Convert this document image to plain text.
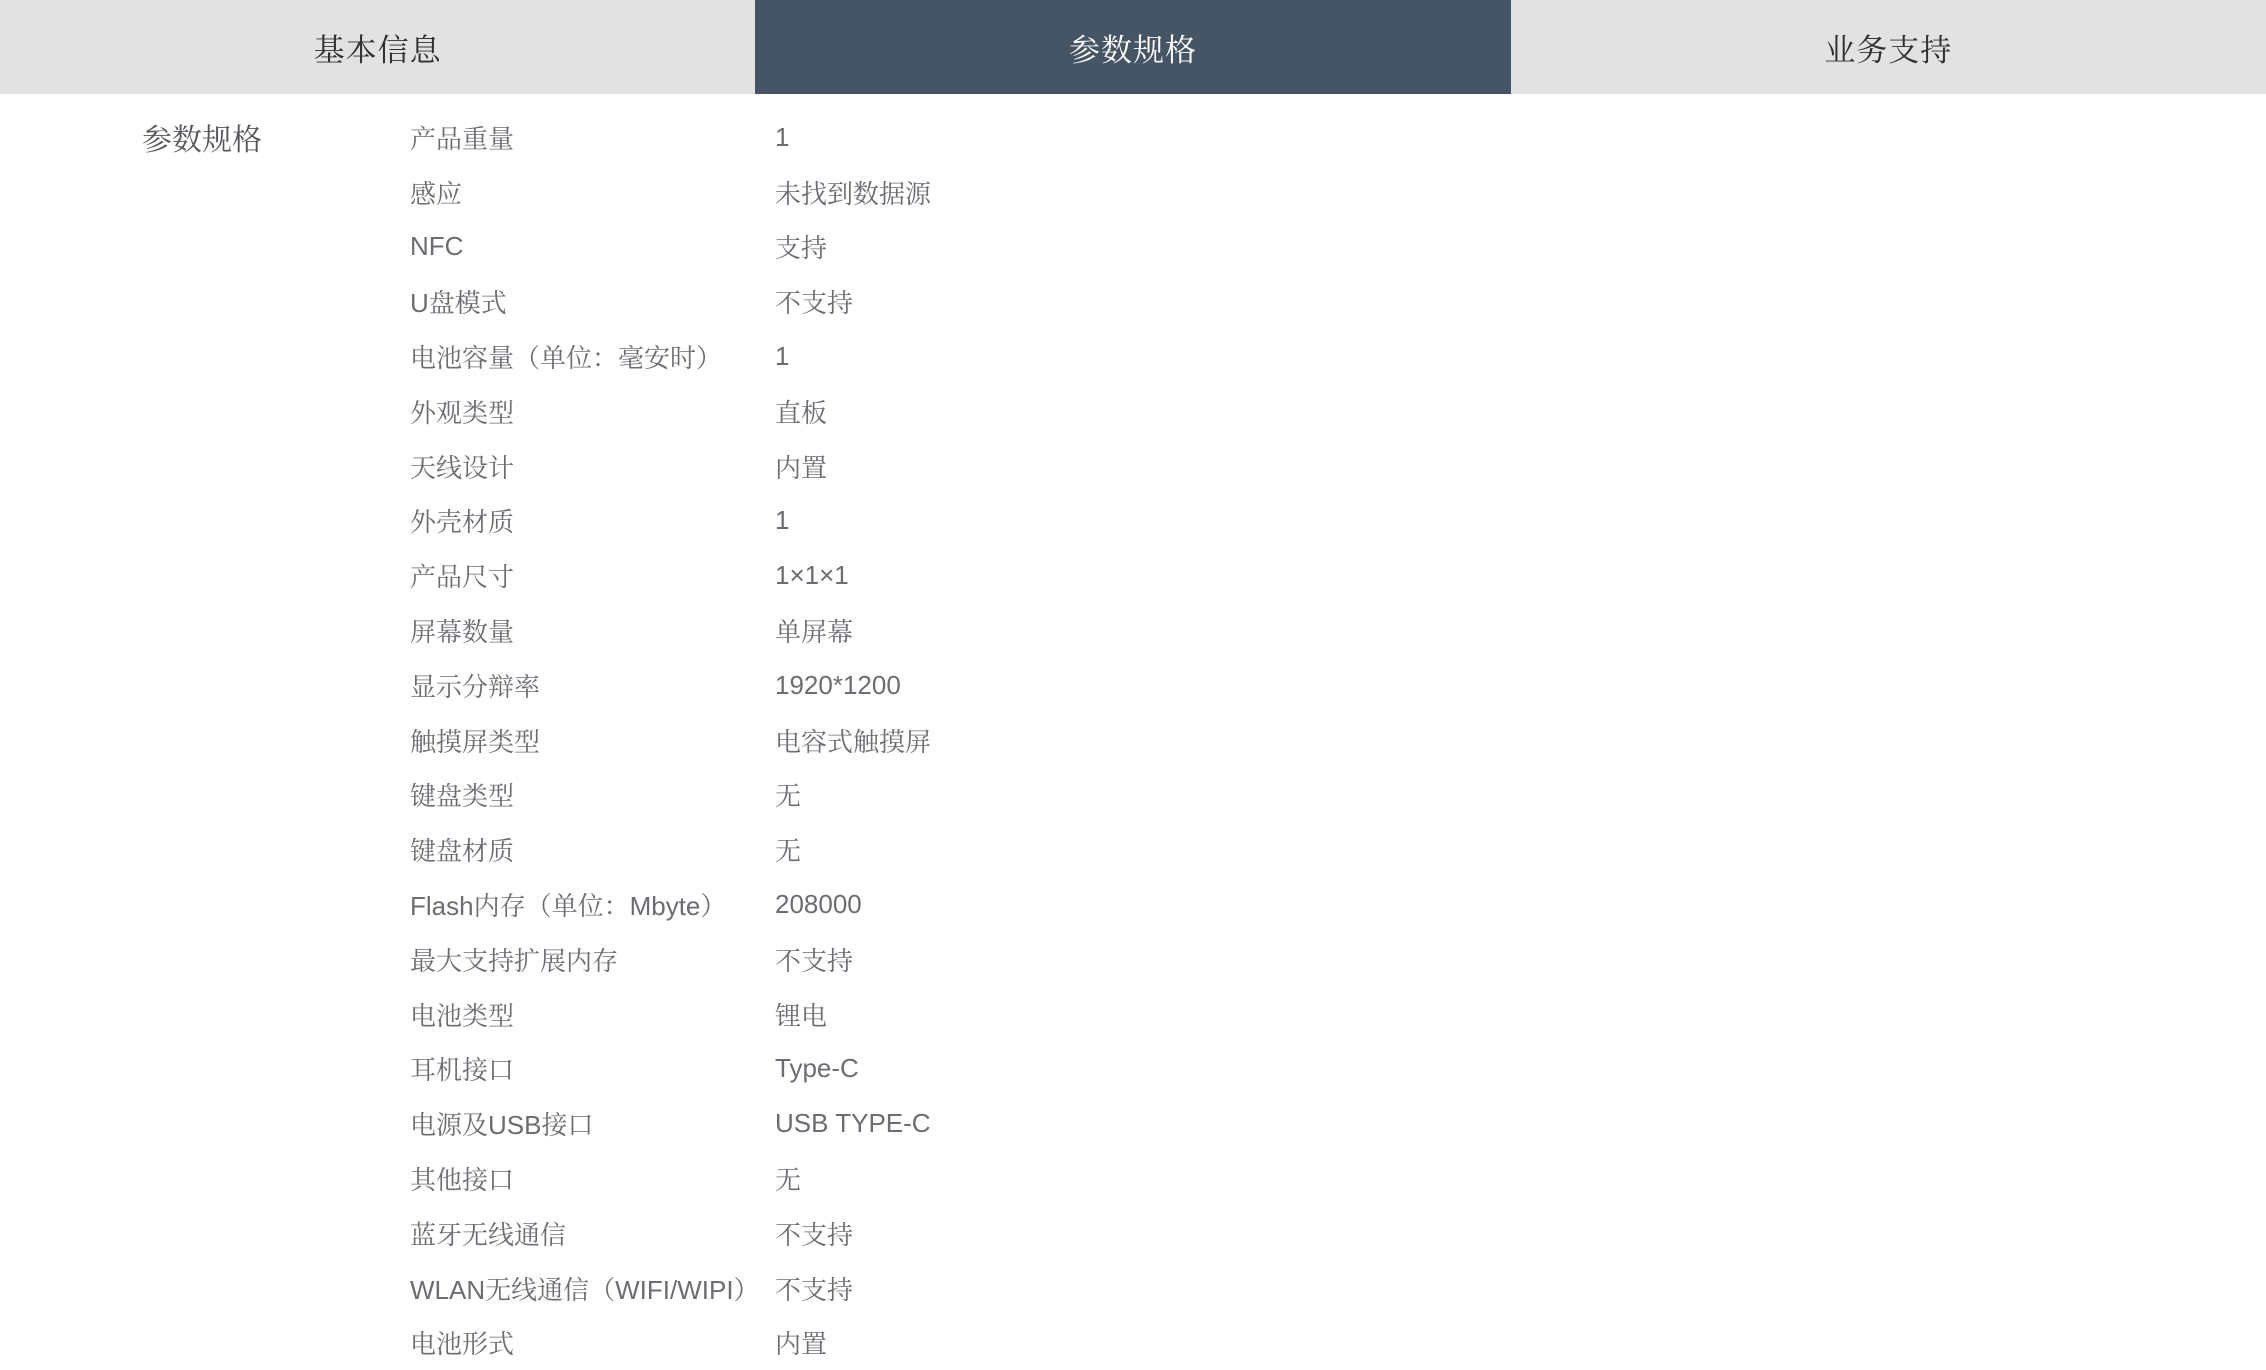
基本信息	参数规格	业务支持
参数规格	产品重量	1
感应	未找到数据源
NFC	支持
U盘模式	不支持
电池容量（单位：毫安时）	1
外观类型	直板
天线设计	内置
外壳材质	1
产品尺寸	1×1×1
屏幕数量	单屏幕
显示分辩率	1920*1200
触摸屏类型	电容式触摸屏
键盘类型	无
键盘材质	无
Flash内存（单位：Mbyte）	208000
最大支持扩展内存	不支持
电池类型	锂电
耳机接口	Type-C
电源及USB接口	USB TYPE-C
其他接口	无
蓝牙无线通信	不支持
WLAN无线通信（WIFI/WIPI） 不支持
电池形式	内置
